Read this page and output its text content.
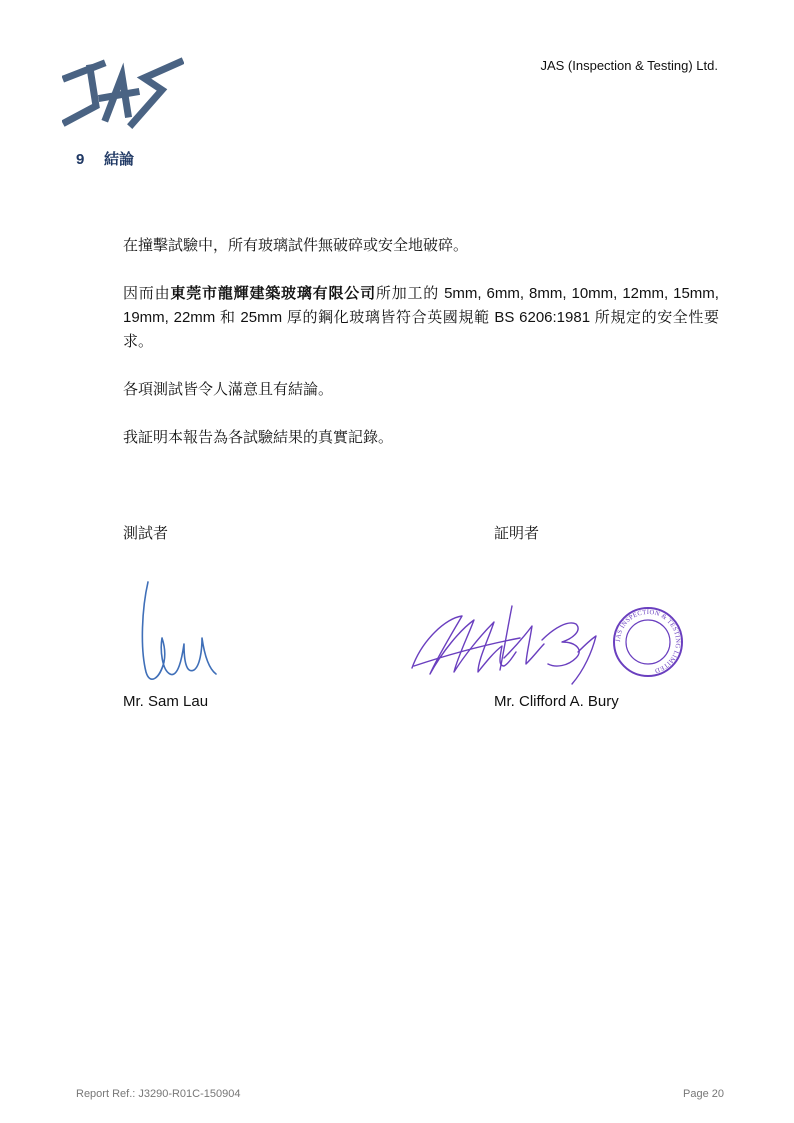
JAS (Inspection & Testing) Ltd.
9 結論
在撞擊試驗中，所有玻璃試件無破碎或安全地破碎。
因而由東莞市龍輝建築玻璃有限公司所加工的 5mm, 6mm, 8mm, 10mm, 12mm, 15mm, 19mm, 22mm 和 25mm 厚的鋼化玻璃皆符合英國規範 BS 6206:1981 所規定的安全性要求。
各項測試皆令人滿意且有結論。
我証明本報告為各試驗結果的真實記錄。
測試者	証明者
JAS INSPECTION & TESTING LIMITED
Mr. Sam Lau	Mr. Clifford A. Bury
Report Ref.: J3290-R01C-150904	Page 20
